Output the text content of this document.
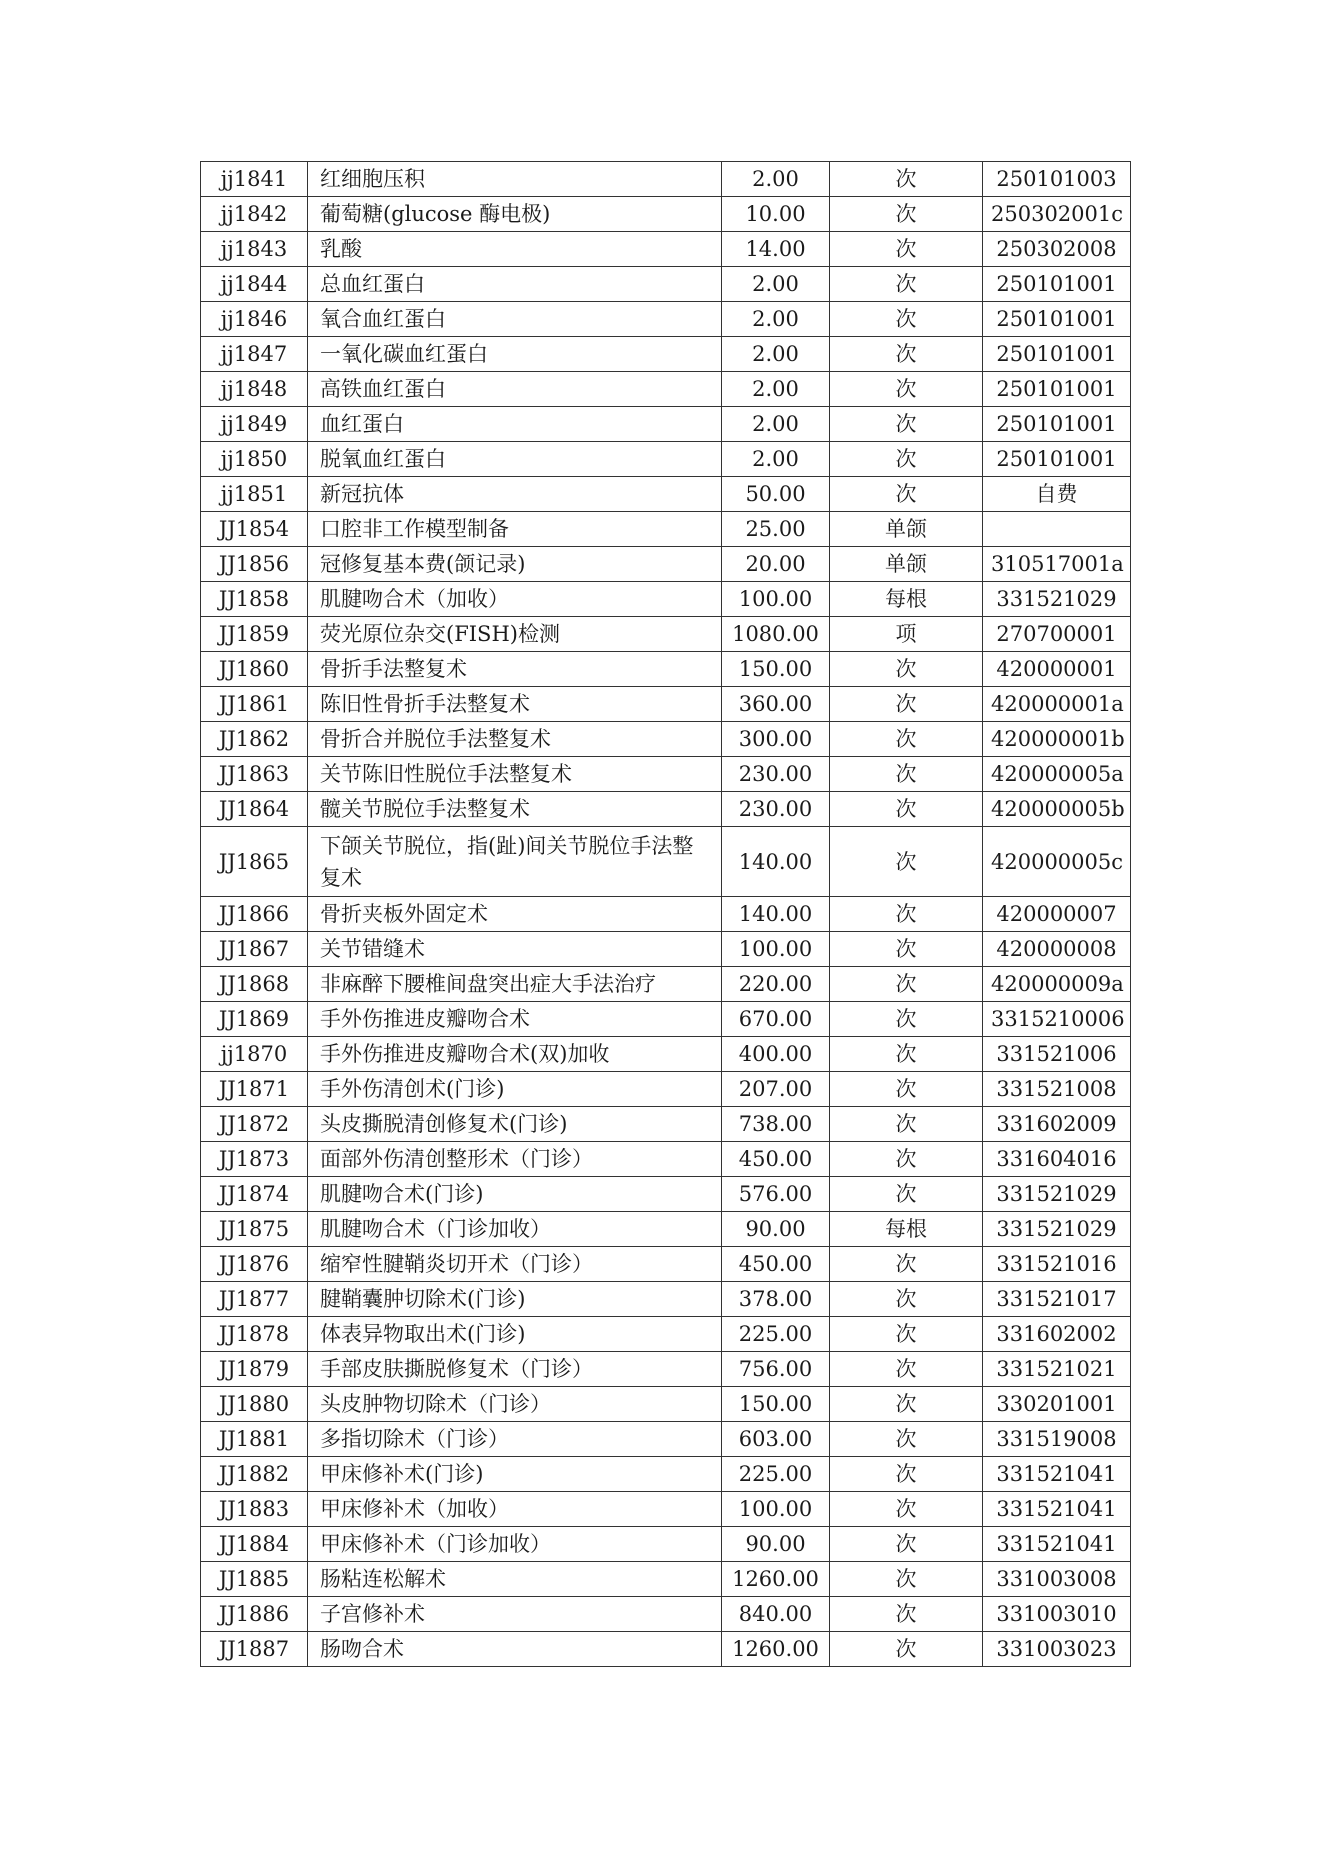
jj1841	红细胞压积	2.00	次	250101003
jj1842	葡萄糖(glucose 酶电极)	10.00	次	250302001c
jj1843	乳酸	14.00	次	250302008
jj1844	总血红蛋白	2.00	次	250101001
jj1846	氧合血红蛋白	2.00	次	250101001
jj1847	一氧化碳血红蛋白	2.00	次	250101001
jj1848	高铁血红蛋白	2.00	次	250101001
jj1849	血红蛋白	2.00	次	250101001
jj1850	脱氧血红蛋白	2.00	次	250101001
jj1851	新冠抗体	50.00	次	自费
JJ1854	口腔非工作模型制备	25.00	单颌	
JJ1856	冠修复基本费(颌记录)	20.00	单颌	310517001a
JJ1858	肌腱吻合术（加收）	100.00	每根	331521029
JJ1859	荧光原位杂交(FISH)检测	1080.00	项	270700001
JJ1860	骨折手法整复术	150.00	次	420000001
JJ1861	陈旧性骨折手法整复术	360.00	次	420000001a
JJ1862	骨折合并脱位手法整复术	300.00	次	420000001b
JJ1863	关节陈旧性脱位手法整复术	230.00	次	420000005a
JJ1864	髋关节脱位手法整复术	230.00	次	420000005b
JJ1865	下颌关节脱位，指(趾)间关节脱位手法整复术	140.00	次	420000005c
JJ1866	骨折夹板外固定术	140.00	次	420000007
JJ1867	关节错缝术	100.00	次	420000008
JJ1868	非麻醉下腰椎间盘突出症大手法治疗	220.00	次	420000009a
JJ1869	手外伤推进皮瓣吻合术	670.00	次	3315210006
jj1870	手外伤推进皮瓣吻合术(双)加收	400.00	次	331521006
JJ1871	手外伤清创术(门诊)	207.00	次	331521008
JJ1872	头皮撕脱清创修复术(门诊)	738.00	次	331602009
JJ1873	面部外伤清创整形术（门诊）	450.00	次	331604016
JJ1874	肌腱吻合术(门诊)	576.00	次	331521029
JJ1875	肌腱吻合术（门诊加收）	90.00	每根	331521029
JJ1876	缩窄性腱鞘炎切开术（门诊）	450.00	次	331521016
JJ1877	腱鞘囊肿切除术(门诊)	378.00	次	331521017
JJ1878	体表异物取出术(门诊)	225.00	次	331602002
JJ1879	手部皮肤撕脱修复术（门诊）	756.00	次	331521021
JJ1880	头皮肿物切除术（门诊）	150.00	次	330201001
JJ1881	多指切除术（门诊）	603.00	次	331519008
JJ1882	甲床修补术(门诊)	225.00	次	331521041
JJ1883	甲床修补术（加收）	100.00	次	331521041
JJ1884	甲床修补术（门诊加收）	90.00	次	331521041
JJ1885	肠粘连松解术	1260.00	次	331003008
JJ1886	子宫修补术	840.00	次	331003010
JJ1887	肠吻合术	1260.00	次	331003023
